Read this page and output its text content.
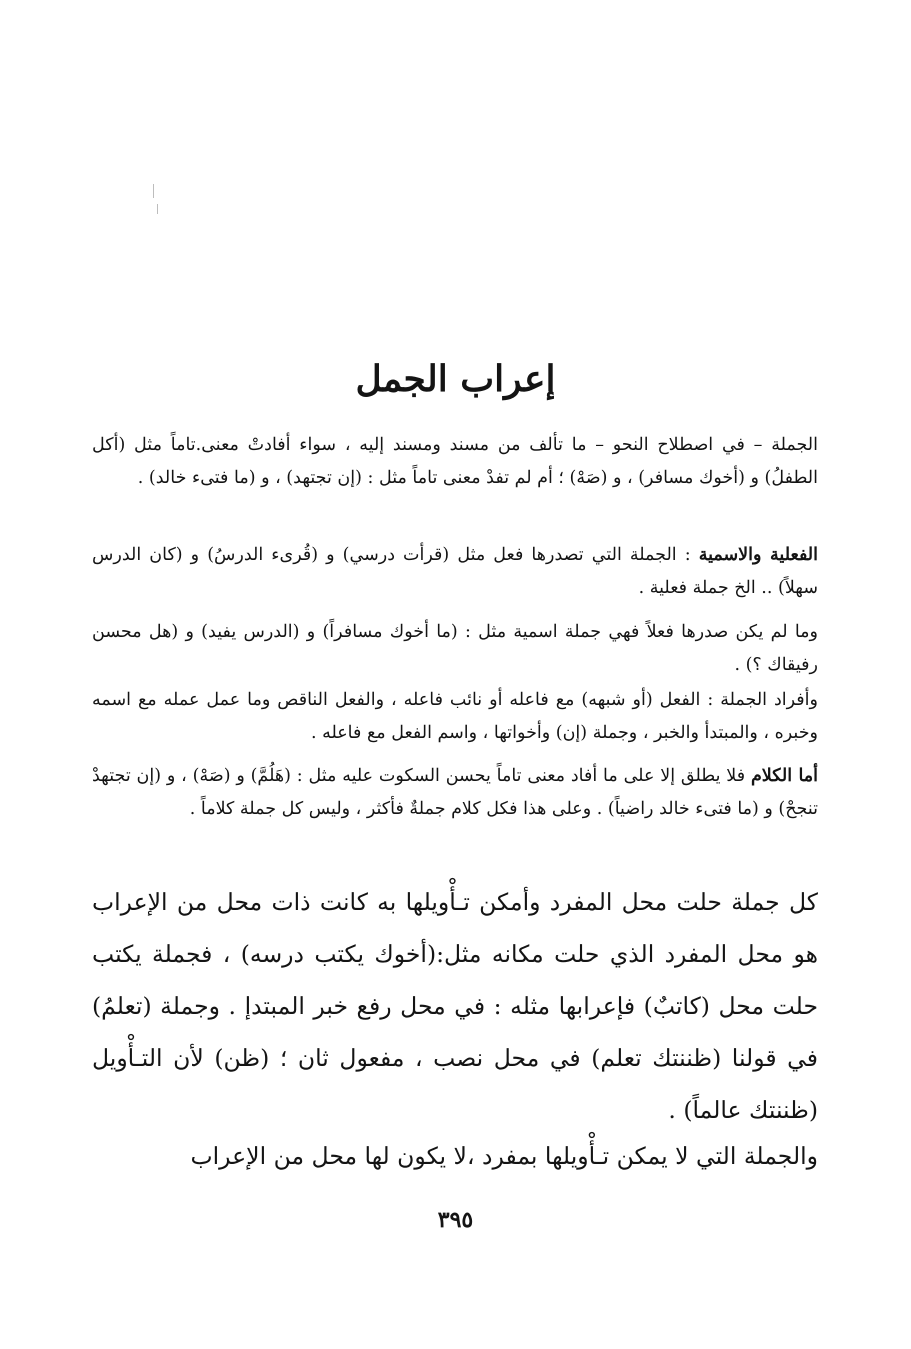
إعراب الجمل

الجملة – في اصطلاح النحو – ما تألف من مسند ومسند إليه ، سواء أفادتْ معنى.تاماً مثل (أكل الطفلُ) و (أخوك مسافر) ، و (صَهْ) ؛ أم لم تفدْ معنى تاماً مثل : (إن تجتهد) ، و (ما فتىء خالد) .

الفعلية والاسمية : الجملة التي تصدرها فعل مثل (قرأت درسي) و (قُرىء الدرسُ) و (كان الدرس سهلاً) .. الخ جملة فعلية .

وما لم يكن صدرها فعلاً فهي جملة اسمية مثل : (ما أخوك مسافراً) و (الدرس يفيد) و (هل محسن رفيقاك ؟) .

وأفراد الجملة : الفعل (أو شبهه) مع فاعله أو نائب فاعله ، والفعل الناقص وما عمل عمله مع اسمه وخبره ، والمبتدأ والخبر ، وجملة (إن) وأخواتها ، واسم الفعل مع فاعله .

أما الكلام فلا يطلق إلا على ما أفاد معنى تاماً يحسن السكوت عليه مثل : (هَلُمَّ) و (صَهْ) ، و (إن تجتهدْ تنجحْ) و (ما فتىء خالد راضياً) . وعلى هذا فكل كلام جملةٌ فأكثر ، وليس كل جملة كلاماً .

كل جملة حلت محل المفرد وأمكن تـأْويلها به كانت ذات محل من الإعراب هو محل المفرد الذي حلت مكانه مثل:(أخوك يكتب درسه) ، فجملة يكتب حلت محل (كاتبٌ) فإعرابها مثله : في محل رفع خبر المبتدإ . وجملة (تعلمُ) في قولنا (ظننتك تعلم) في محل نصب ، مفعول ثان ؛ (ظن) لأن التـأْويل (ظننتك عالماً) .

والجملة التي لا يمكن تـأْويلها بمفرد ،لا يكون لها محل من الإعراب

٣٩٥
